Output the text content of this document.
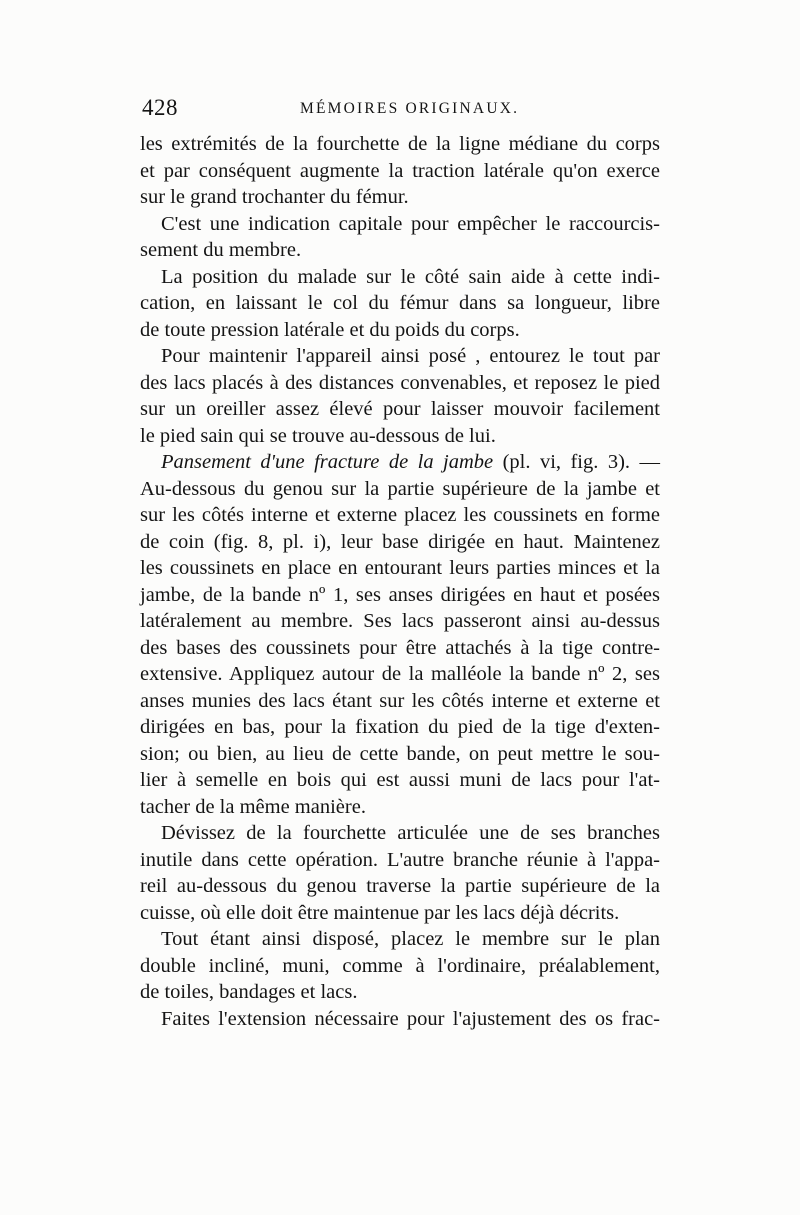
428	MÉMOIRES ORIGINAUX.
les extrémités de la fourchette de la ligne médiane du corps
et par conséquent augmente la traction latérale qu'on exerce
sur le grand trochanter du fémur.
C'est une indication capitale pour empêcher le raccourcis-
sement du membre.
La position du malade sur le côté sain aide à cette indi-
cation, en laissant le col du fémur dans sa longueur, libre
de toute pression latérale et du poids du corps.
Pour maintenir l'appareil ainsi posé , entourez le tout par
des lacs placés à des distances convenables, et reposez le pied
sur un oreiller assez élevé pour laisser mouvoir facilement
le pied sain qui se trouve au-dessous de lui.
Pansement d'une fracture de la jambe (pl. vi, fig. 3). —
Au-dessous du genou sur la partie supérieure de la jambe et
sur les côtés interne et externe placez les coussinets en forme
de coin (fig. 8, pl. i), leur base dirigée en haut. Maintenez
les coussinets en place en entourant leurs parties minces et la
jambe, de la bande nº 1, ses anses dirigées en haut et posées
latéralement au membre. Ses lacs passeront ainsi au-dessus
des bases des coussinets pour être attachés à la tige contre-
extensive. Appliquez autour de la malléole la bande nº 2, ses
anses munies des lacs étant sur les côtés interne et externe et
dirigées en bas, pour la fixation du pied de la tige d'exten-
sion; ou bien, au lieu de cette bande, on peut mettre le sou-
lier à semelle en bois qui est aussi muni de lacs pour l'at-
tacher de la même manière.
Dévissez de la fourchette articulée une de ses branches
inutile dans cette opération. L'autre branche réunie à l'appa-
reil au-dessous du genou traverse la partie supérieure de la
cuisse, où elle doit être maintenue par les lacs déjà décrits.
Tout étant ainsi disposé, placez le membre sur le plan
double incliné, muni, comme à l'ordinaire, préalablement,
de toiles, bandages et lacs.
Faites l'extension nécessaire pour l'ajustement des os frac-
